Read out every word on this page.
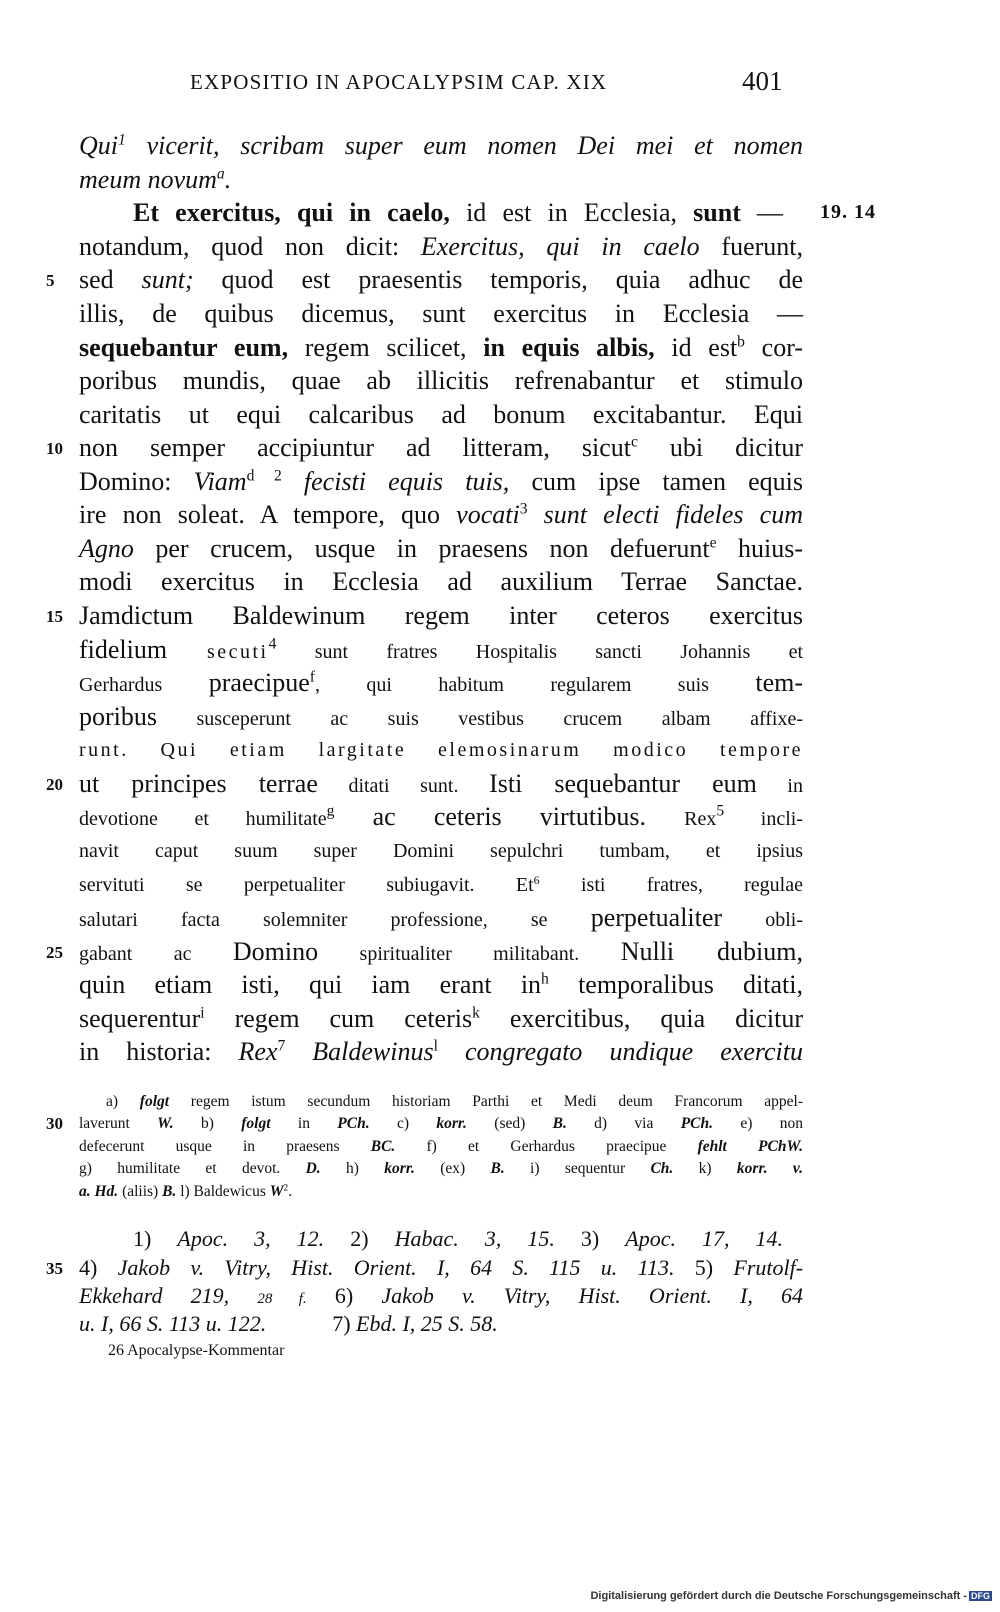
EXPOSITIO IN APOCALYPSIM CAP. XIX	401
Qui$^1$ vicerit, scribam super eum nomen Dei mei et nomen
meum novum$^a$.
Et exercitus, qui in caelo, id est in Ecclesia, sunt — 19. 14
notandum, quod non dicit: Exercitus, qui in caelo fuerunt,
sed sunt; quod est praesentis temporis, quia adhuc de
illis, de quibus dicemus, sunt exercitus in Ecclesia —
sequebantur eum, regem scilicet, in equis albis, id est$^b$ cor-
poribus mundis, quae ab illicitis refrenabantur et stimulo
caritatis ut equi calcaribus ad bonum excitabantur. Equi
non semper accipiuntur ad litteram, sicut$^c$ ubi dicitur
Domino: Viam$^{d 2}$ fecisti equis tuis, cum ipse tamen equis
ire non soleat. A tempore, quo vocati$^3$ sunt electi fideles cum
Agno per crucem, usque in praesens non defuerunt$^e$ huius-
modi exercitus in Ecclesia ad auxilium Terrae Sanctae.
Jamdictum Baldewinum regem inter ceteros exercitus
fidelium secuti$^4$ sunt fratres Hospitalis sancti Johannis et
Gerhardus praecipue$^f$, qui habitum regularem suis tem-
poribus susceperunt ac suis vestibus crucem albam affixe-
runt. Qui etiam largitate elemosinarum modico tempore
ut principes terrae ditati sunt. Isti sequebantur eum in
devotione et humilitate$^g$ ac ceteris virtutibus. Rex$^5$ incli-
navit caput suum super Domini sepulchri tumbam, et ipsius
servituti se perpetualiter subiugavit. Et$^6$ isti fratres, regulae
salutari facta solemniter professione, se perpetualiter obli-
gabant ac Domino spiritualiter militabant. Nulli dubium,
quin etiam isti, qui iam erant $in^h$ temporalibus ditati,
sequerentur$^i$ regem cum ceteris$^k$ exercitibus, quia dicitur
in historia: Rex$^7$ Baldewinus$^l$ congregato undique exercitu
5
10
15
20
25
30
35
a) folgt regem istum secundum historiam Parthi et Medi deum Francorum appel-
laverunt W. b) folgt in PCh. c) korr. (sed) B. d) via PCh. e) non
defecerunt usque in praesens BC. f) et Gerhardus praecipue fehlt PChW.
g) humilitate et devot. D. h) korr. (ex) B. i) sequentur Ch. k) korr. v.
a. Hd. (aliis) B. l) Baldewicus $W^2$.
1) Apoc. 3, 12. 2) Habac. 3, 15. 3) Apoc. 17, 14.
4) Jakob v. Vitry, Hist. Orient. I, 64 S. 115 u. 113. 5) Frutolf-
Ekkehard 219, 28 f. 6) Jakob v. Vitry, Hist. Orient. I, 64
u. I, 66 S. 113 u. 122.	7) Ebd. I, 25 S. 58.
26 Apocalypse-Kommentar
Digitalisierung gefördert durch die Deutsche Forschungsgemeinschaft - DFG
